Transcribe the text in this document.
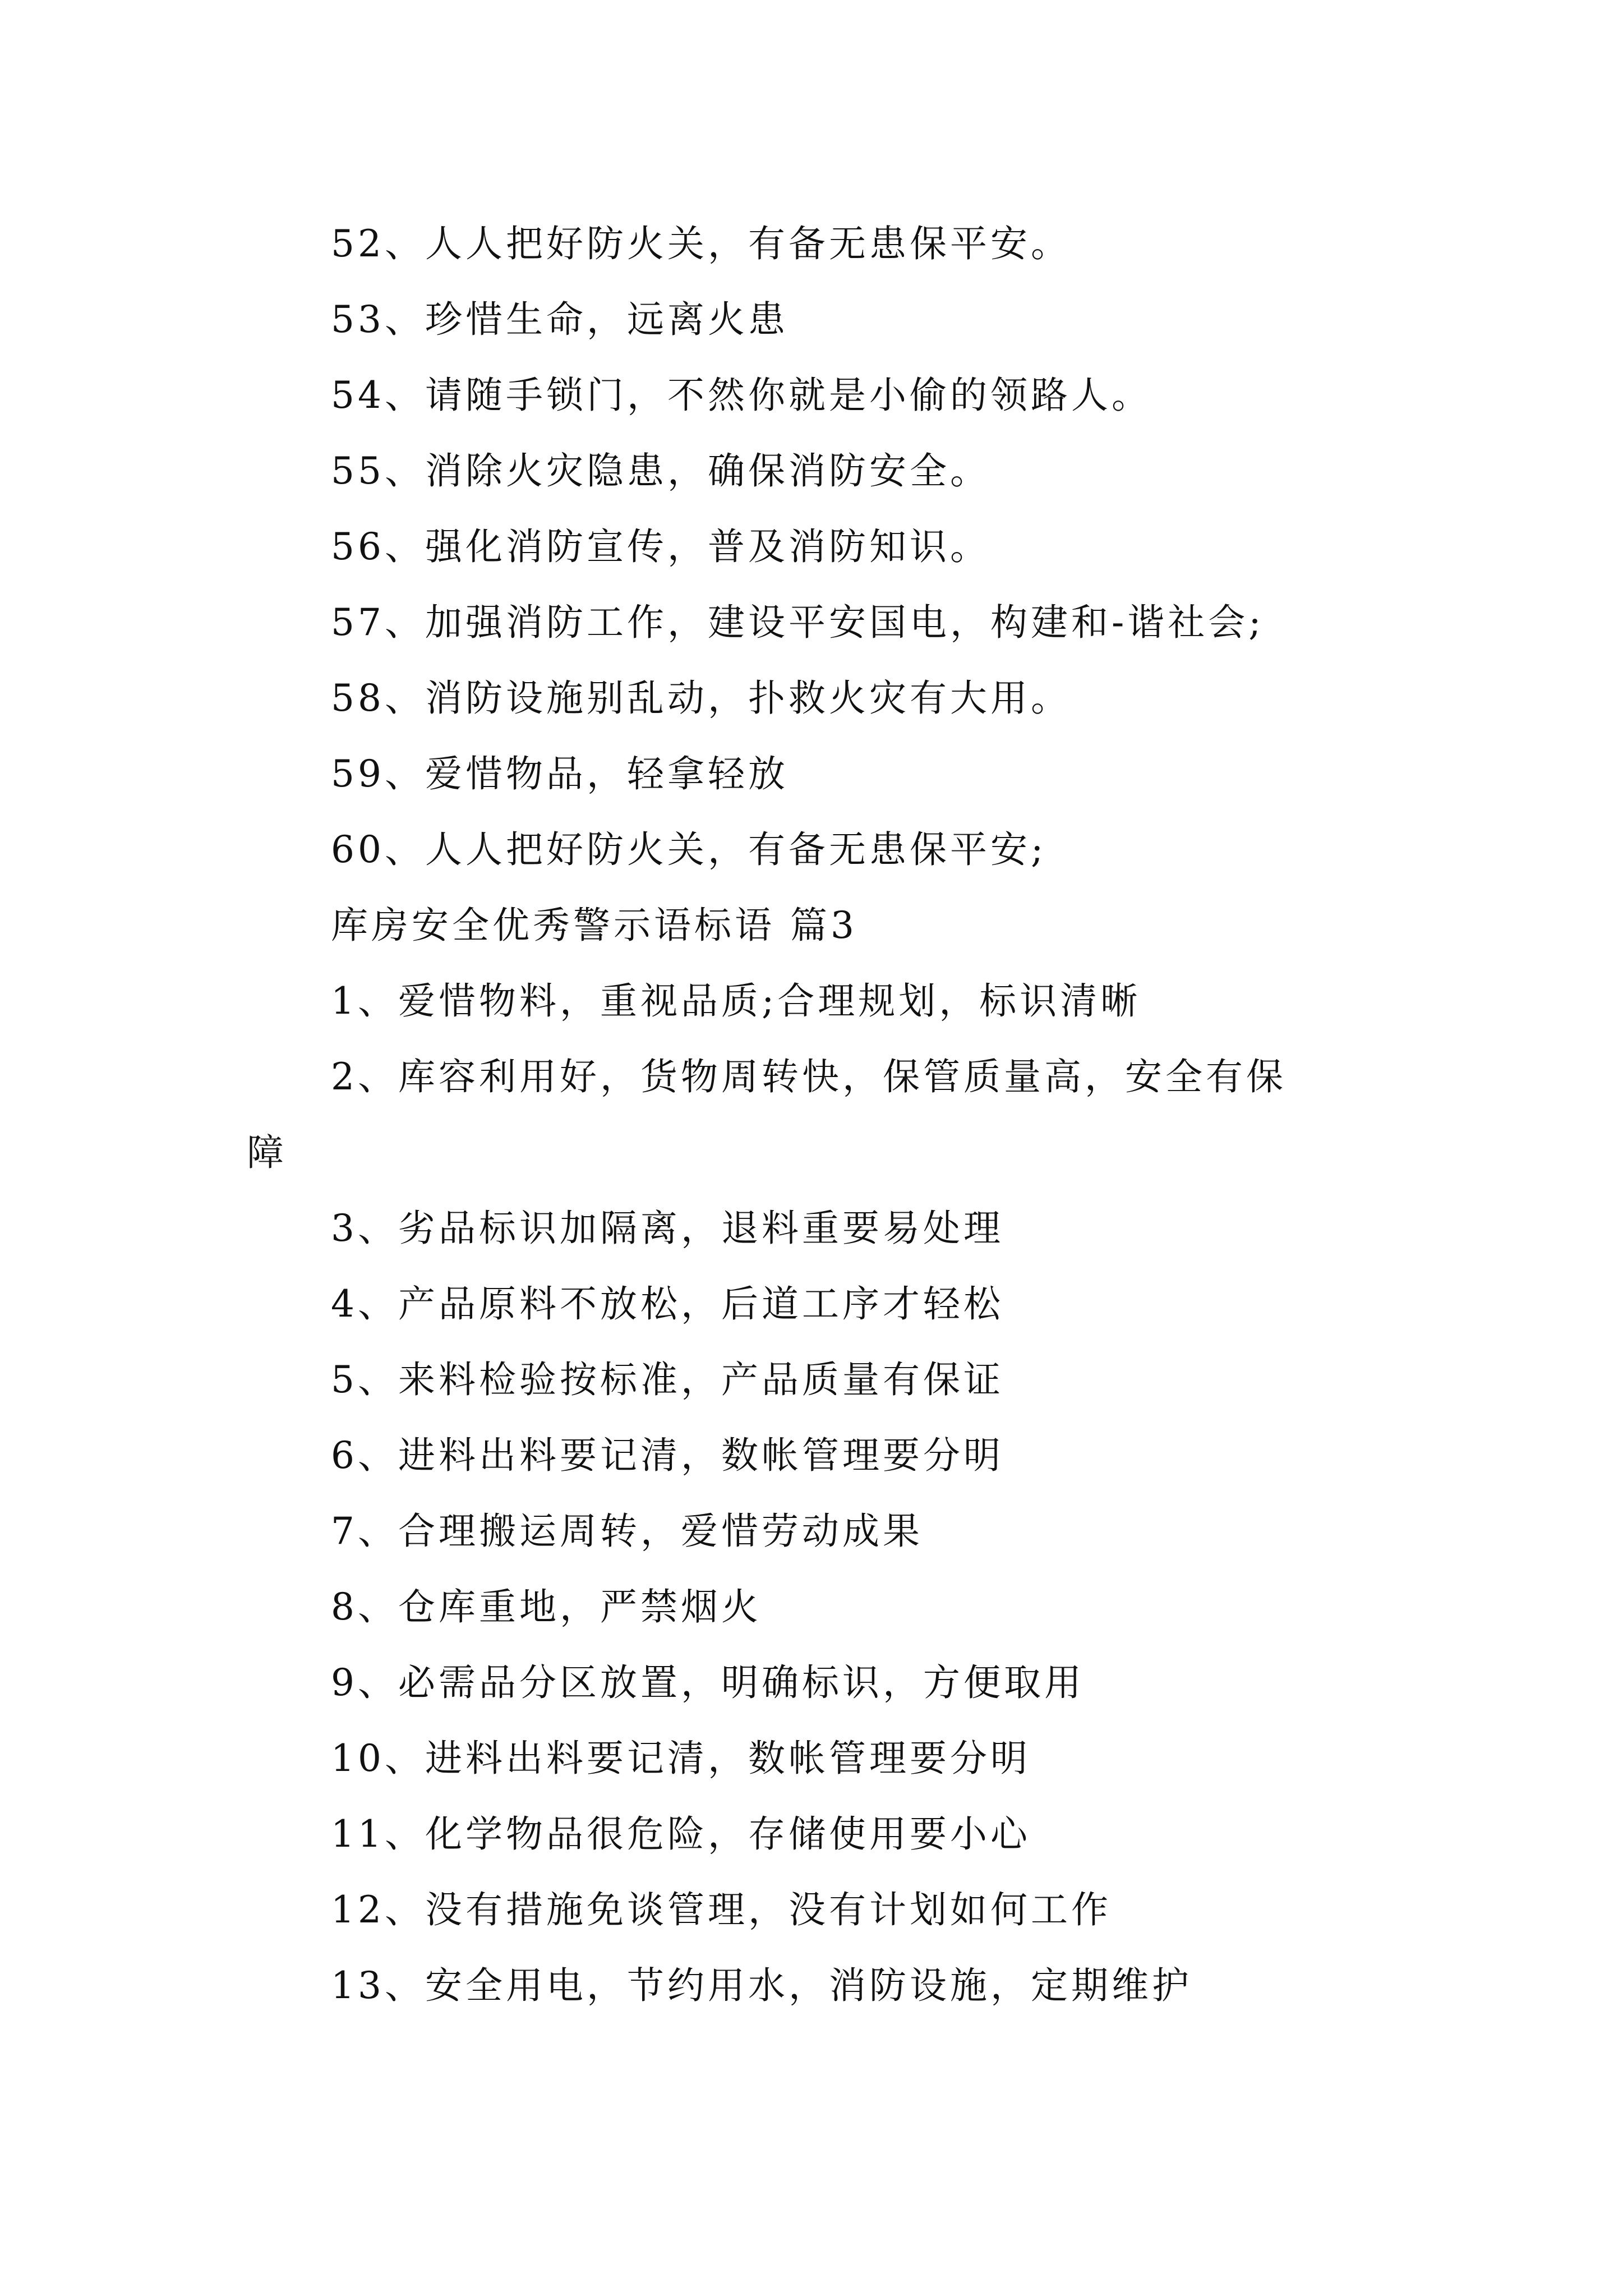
52、人人把好防火关，有备无患保平安。
53、珍惜生命，远离火患
54、请随手锁门，不然你就是小偷的领路人。
55、消除火灾隐患，确保消防安全。
56、强化消防宣传，普及消防知识。
57、加强消防工作，建设平安国电，构建和-谐社会;
58、消防设施别乱动，扑救火灾有大用。
59、爱惜物品，轻拿轻放
60、人人把好防火关，有备无患保平安;
库房安全优秀警示语标语 篇3
1、爱惜物料，重视品质;合理规划，标识清晰
2、库容利用好，货物周转快，保管质量高，安全有保
障
3、劣品标识加隔离，退料重要易处理
4、产品原料不放松，后道工序才轻松
5、来料检验按标准，产品质量有保证
6、进料出料要记清，数帐管理要分明
7、合理搬运周转，爱惜劳动成果
8、仓库重地，严禁烟火
9、必需品分区放置，明确标识，方便取用
10、进料出料要记清，数帐管理要分明
11、化学物品很危险，存储使用要小心
12、没有措施免谈管理，没有计划如何工作
13、安全用电，节约用水，消防设施，定期维护
